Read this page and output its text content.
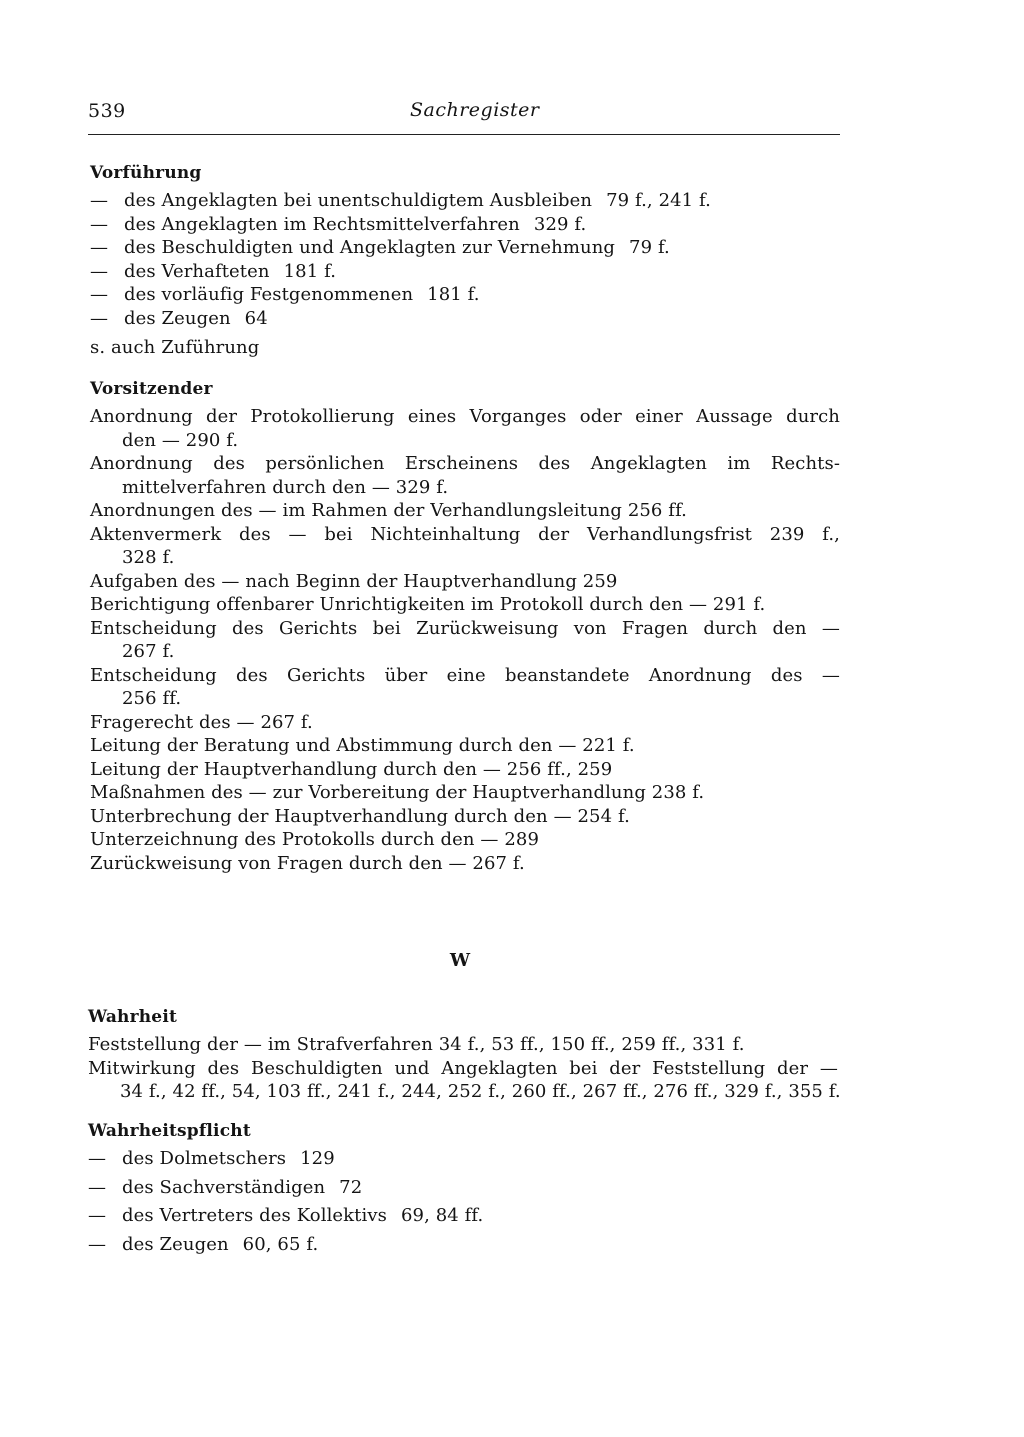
539	Sachregister
Vorführung
— des Angeklagten bei unentschuldigtem Ausbleiben 79 f., 241 f.
— des Angeklagten im Rechtsmittelverfahren 329 f.
— des Beschuldigten und Angeklagten zur Vernehmung 79 f.
— des Verhafteten 181 f.
— des vorläufig Festgenommenen 181 f.
— des Zeugen 64
s. auch Zuführung
Vorsitzender
Anordnung der Protokollierung eines Vorganges oder einer Aussage durch
den — 290 f.
Anordnung des persönlichen Erscheinens des Angeklagten im Rechts-
mittelverfahren durch den — 329 f.
Anordnungen des — im Rahmen der Verhandlungsleitung 256 ff.
Aktenvermerk des — bei Nichteinhaltung der Verhandlungsfrist 239 f.,
328 f.
Aufgaben des — nach Beginn der Hauptverhandlung 259
Berichtigung offenbarer Unrichtigkeiten im Protokoll durch den — 291 f.
Entscheidung des Gerichts bei Zurückweisung von Fragen durch den —
267 f.
Entscheidung des Gerichts über eine beanstandete Anordnung des —
256 ff.
Fragerecht des — 267 f.
Leitung der Beratung und Abstimmung durch den — 221 f.
Leitung der Hauptverhandlung durch den — 256 ff., 259
Maßnahmen des — zur Vorbereitung der Hauptverhandlung 238 f.
Unterbrechung der Hauptverhandlung durch den — 254 f.
Unterzeichnung des Protokolls durch den — 289
Zurückweisung von Fragen durch den — 267 f.
W
Wahrheit
Feststellung der — im Strafverfahren 34 f., 53 ff., 150 ff., 259 ff., 331 f.
Mitwirkung des Beschuldigten und Angeklagten bei der Feststellung der —
34 f., 42 ff., 54, 103 ff., 241 f., 244, 252 f., 260 ff., 267 ff., 276 ff., 329 f., 355 f.
Wahrheitspflicht
— des Dolmetschers 129
— des Sachverständigen 72
— des Vertreters des Kollektivs 69, 84 ff.
— des Zeugen 60, 65 f.
